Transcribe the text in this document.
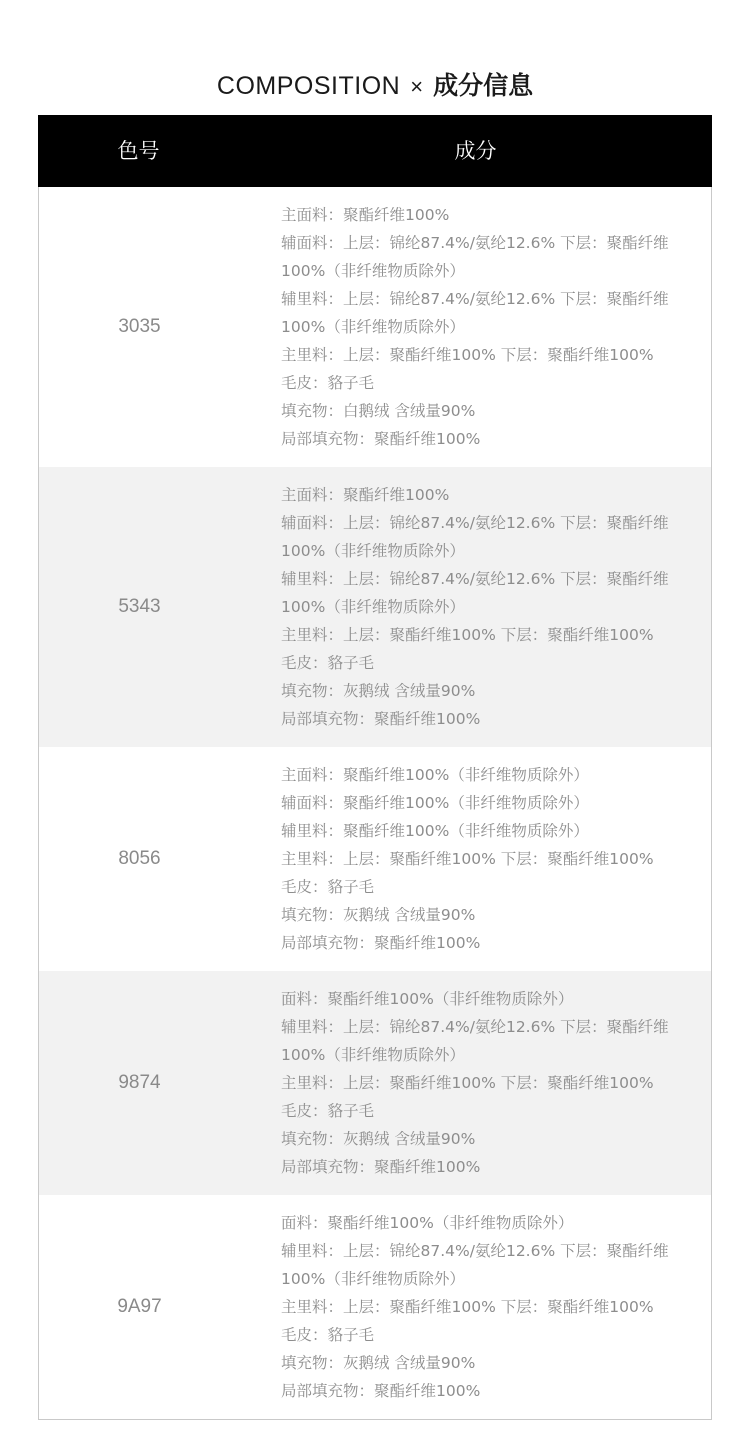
COMPOSITION × 成分信息
色号	成分
3035
主面料：聚酯纤维100%
辅面料：上层：锦纶87.4%/氨纶12.6% 下层：聚酯纤维
100%（非纤维物质除外）
辅里料：上层：锦纶87.4%/氨纶12.6% 下层：聚酯纤维
100%（非纤维物质除外）
主里料：上层：聚酯纤维100% 下层：聚酯纤维100%
毛皮：貉子毛
填充物：白鹅绒 含绒量90%
局部填充物：聚酯纤维100%
5343
主面料：聚酯纤维100%
辅面料：上层：锦纶87.4%/氨纶12.6% 下层：聚酯纤维
100%（非纤维物质除外）
辅里料：上层：锦纶87.4%/氨纶12.6% 下层：聚酯纤维
100%（非纤维物质除外）
主里料：上层：聚酯纤维100% 下层：聚酯纤维100%
毛皮：貉子毛
填充物：灰鹅绒 含绒量90%
局部填充物：聚酯纤维100%
8056
主面料：聚酯纤维100%（非纤维物质除外）
辅面料：聚酯纤维100%（非纤维物质除外）
辅里料：聚酯纤维100%（非纤维物质除外）
主里料：上层：聚酯纤维100% 下层：聚酯纤维100%
毛皮：貉子毛
填充物：灰鹅绒 含绒量90%
局部填充物：聚酯纤维100%
9874
面料：聚酯纤维100%（非纤维物质除外）
辅里料：上层：锦纶87.4%/氨纶12.6% 下层：聚酯纤维
100%（非纤维物质除外）
主里料：上层：聚酯纤维100% 下层：聚酯纤维100%
毛皮：貉子毛
填充物：灰鹅绒 含绒量90%
局部填充物：聚酯纤维100%
9A97
面料：聚酯纤维100%（非纤维物质除外）
辅里料：上层：锦纶87.4%/氨纶12.6% 下层：聚酯纤维
100%（非纤维物质除外）
主里料：上层：聚酯纤维100% 下层：聚酯纤维100%
毛皮：貉子毛
填充物：灰鹅绒 含绒量90%
局部填充物：聚酯纤维100%
